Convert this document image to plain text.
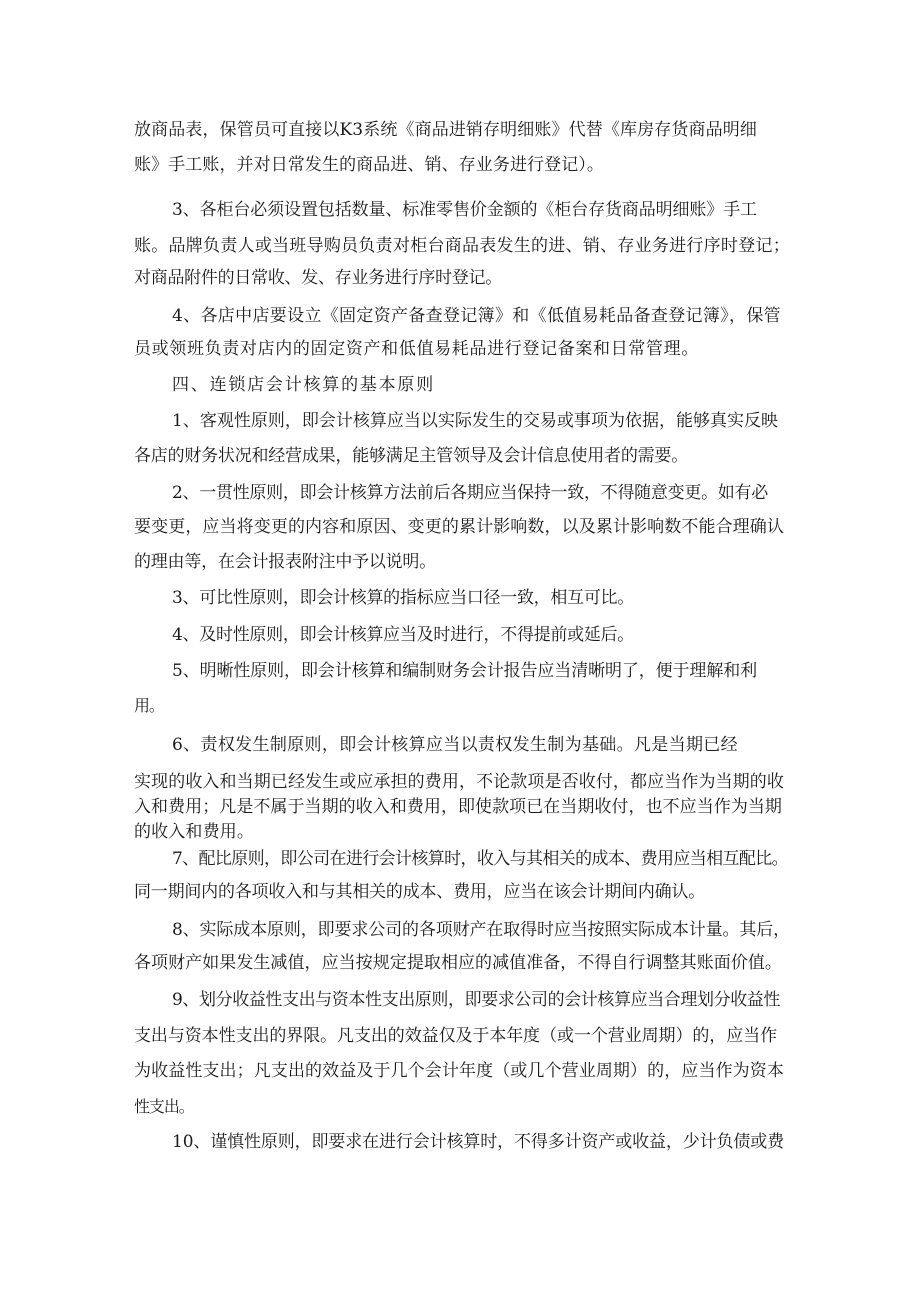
放商品表，保管员可直接以K3系统《商品进销存明细账》代替《库房存货商品明细
账》手工账，并对日常发生的商品进、销、存业务进行登记）。
3、各柜台必须设置包括数量、标准零售价金额的《柜台存货商品明细账》手工
账。品牌负责人或当班导购员负责对柜台商品表发生的进、销、存业务进行序时登记；
对商品附件的日常收、发、存业务进行序时登记。
4、各店中店要设立《固定资产备查登记簿》和《低值易耗品备查登记簿》，保管
员或领班负责对店内的固定资产和低值易耗品进行登记备案和日常管理。
四、连锁店会计核算的基本原则
1、客观性原则，即会计核算应当以实际发生的交易或事项为依据，能够真实反映
各店的财务状况和经营成果，能够满足主管领导及会计信息使用者的需要。
2、一贯性原则，即会计核算方法前后各期应当保持一致，不得随意变更。如有必
要变更，应当将变更的内容和原因、变更的累计影响数，以及累计影响数不能合理确认
的理由等，在会计报表附注中予以说明。
3、可比性原则，即会计核算的指标应当口径一致，相互可比。
4、及时性原则，即会计核算应当及时进行，不得提前或延后。
5、明晰性原则，即会计核算和编制财务会计报告应当清晰明了，便于理解和利
用。
6、责权发生制原则，即会计核算应当以责权发生制为基础。凡是当期已经
实现的收入和当期已经发生或应承担的费用，不论款项是否收付，都应当作为当期的收
入和费用；凡是不属于当期的收入和费用，即使款项已在当期收付，也不应当作为当期
的收入和费用。
7、配比原则，即公司在进行会计核算时，收入与其相关的成本、费用应当相互配比。
同一期间内的各项收入和与其相关的成本、费用，应当在该会计期间内确认。
8、实际成本原则，即要求公司的各项财产在取得时应当按照实际成本计量。其后，
各项财产如果发生减值，应当按规定提取相应的减值准备，不得自行调整其账面价值。
9、划分收益性支出与资本性支出原则，即要求公司的会计核算应当合理划分收益性
支出与资本性支出的界限。凡支出的效益仅及于本年度（或一个营业周期）的，应当作
为收益性支出；凡支出的效益及于几个会计年度（或几个营业周期）的，应当作为资本
性支出。
10、谨慎性原则，即要求在进行会计核算时，不得多计资产或收益，少计负债或费
